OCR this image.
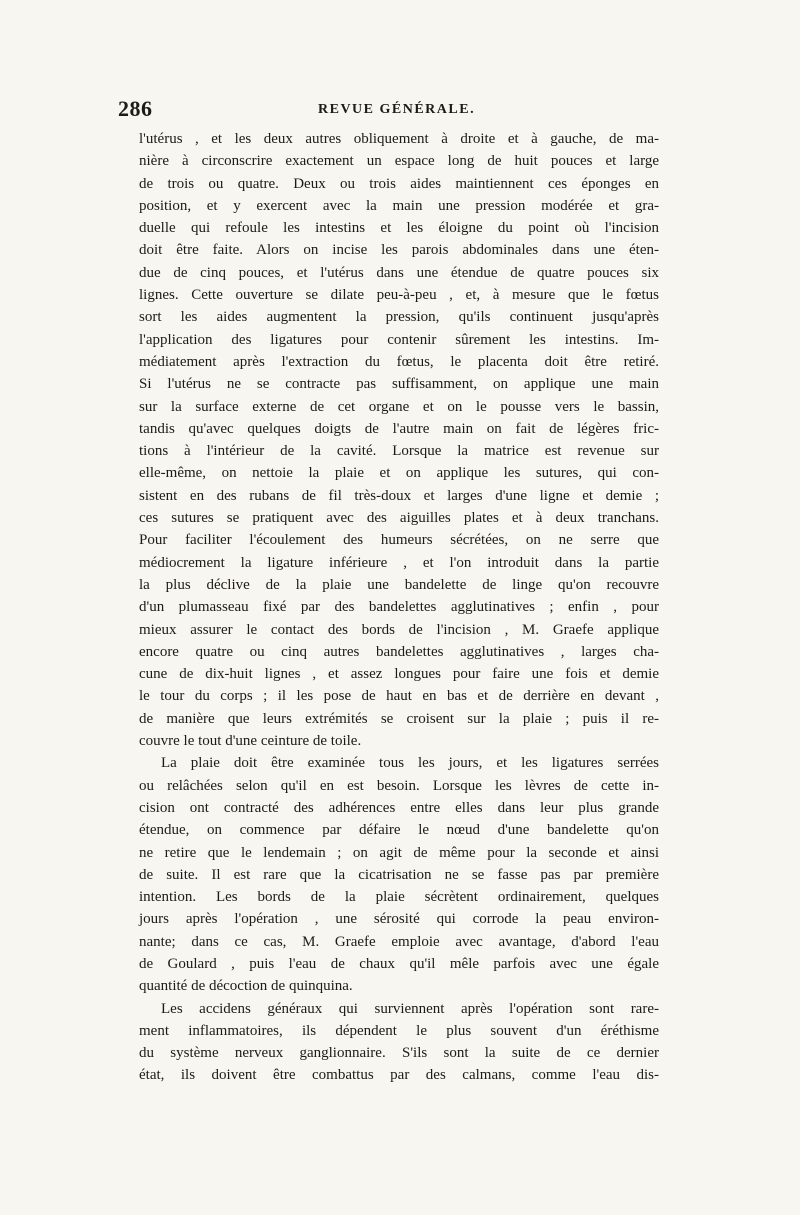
286	REVUE GÉNÉRALE.
l'utérus , et les deux autres obliquement à droite et à gauche, de ma-
nière à circonscrire exactement un espace long de huit pouces et large
de trois ou quatre. Deux ou trois aides maintiennent ces éponges en
position, et y exercent avec la main une pression modérée et gra-
duelle qui refoule les intestins et les éloigne du point où l'incision
doit être faite. Alors on incise les parois abdominales dans une éten-
due de cinq pouces, et l'utérus dans une étendue de quatre pouces six
lignes. Cette ouverture se dilate peu-à-peu , et, à mesure que le fœtus
sort les aides augmentent la pression, qu'ils continuent jusqu'après
l'application des ligatures pour contenir sûrement les intestins. Im-
médiatement après l'extraction du fœtus, le placenta doit être retiré.
Si l'utérus ne se contracte pas suffisamment, on applique une main
sur la surface externe de cet organe et on le pousse vers le bassin,
tandis qu'avec quelques doigts de l'autre main on fait de légères fric-
tions à l'intérieur de la cavité. Lorsque la matrice est revenue sur
elle-même, on nettoie la plaie et on applique les sutures, qui con-
sistent en des rubans de fil très-doux et larges d'une ligne et demie ;
ces sutures se pratiquent avec des aiguilles plates et à deux tranchans.
Pour faciliter l'écoulement des humeurs sécrétées, on ne serre que
médiocrement la ligature inférieure , et l'on introduit dans la partie
la plus déclive de la plaie une bandelette de linge qu'on recouvre
d'un plumasseau fixé par des bandelettes agglutinatives ; enfin , pour
mieux assurer le contact des bords de l'incision , M. Graefe applique
encore quatre ou cinq autres bandelettes agglutinatives , larges cha-
cune de dix-huit lignes , et assez longues pour faire une fois et demie
le tour du corps ; il les pose de haut en bas et de derrière en devant ,
de manière que leurs extrémités se croisent sur la plaie ; puis il re-
couvre le tout d'une ceinture de toile.
La plaie doit être examinée tous les jours, et les ligatures serrées
ou relâchées selon qu'il en est besoin. Lorsque les lèvres de cette in-
cision ont contracté des adhérences entre elles dans leur plus grande
étendue, on commence par défaire le nœud d'une bandelette qu'on
ne retire que le lendemain ; on agit de même pour la seconde et ainsi
de suite. Il est rare que la cicatrisation ne se fasse pas par première
intention. Les bords de la plaie sécrètent ordinairement, quelques
jours après l'opération , une sérosité qui corrode la peau environ-
nante; dans ce cas, M. Graefe emploie avec avantage, d'abord l'eau
de Goulard , puis l'eau de chaux qu'il mêle parfois avec une égale
quantité de décoction de quinquina.
Les accidens généraux qui surviennent après l'opération sont rare-
ment inflammatoires, ils dépendent le plus souvent d'un éréthisme
du système nerveux ganglionnaire. S'ils sont la suite de ce dernier
état, ils doivent être combattus par des calmans, comme l'eau dis-
